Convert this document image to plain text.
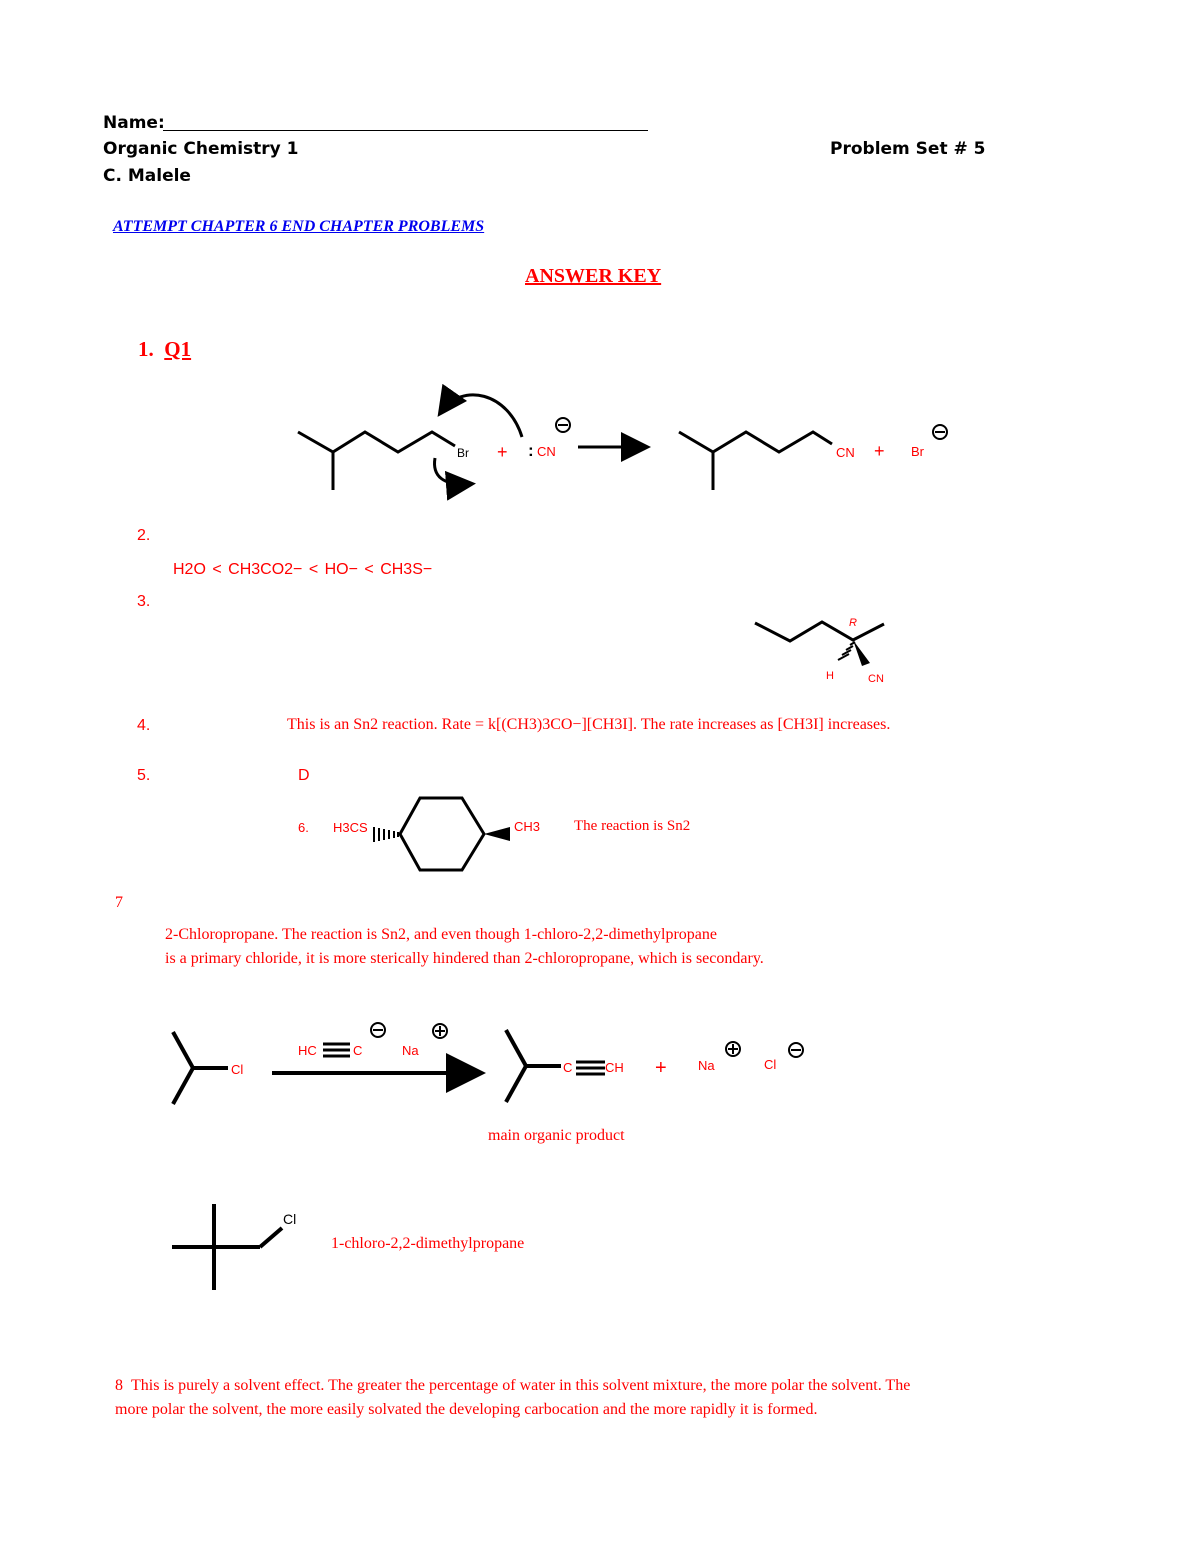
Name:
Organic Chemistry 1	Problem Set # 5
C. Malele
ATTEMPT CHAPTER 6 END CHAPTER PROBLEMS
ANSWER KEY
1. Q1
Br + : CN	CN + Br
R
H	CN
Cl
HC	C	Na
C	CH + Na	Cl
Cl
2.
H2O < CH3CO2− < HO− < CH3S−
3.
4.	This is an Sn2 reaction. Rate = k[(CH3)3CO−][CH3I]. The rate increases as [CH3I] increases.
5.	D
6. H3CS	CH3 The reaction is Sn2
7
2-Chloropropane. The reaction is Sn2, and even though 1-chloro-2,2-dimethylpropane
is a primary chloride, it is more sterically hindered than 2-chloropropane, which is secondary.
main organic product
1-chloro-2,2-dimethylpropane
8 This is purely a solvent effect. The greater the percentage of water in this solvent mixture, the more polar the solvent. The
more polar the solvent, the more easily solvated the developing carbocation and the more rapidly it is formed.
